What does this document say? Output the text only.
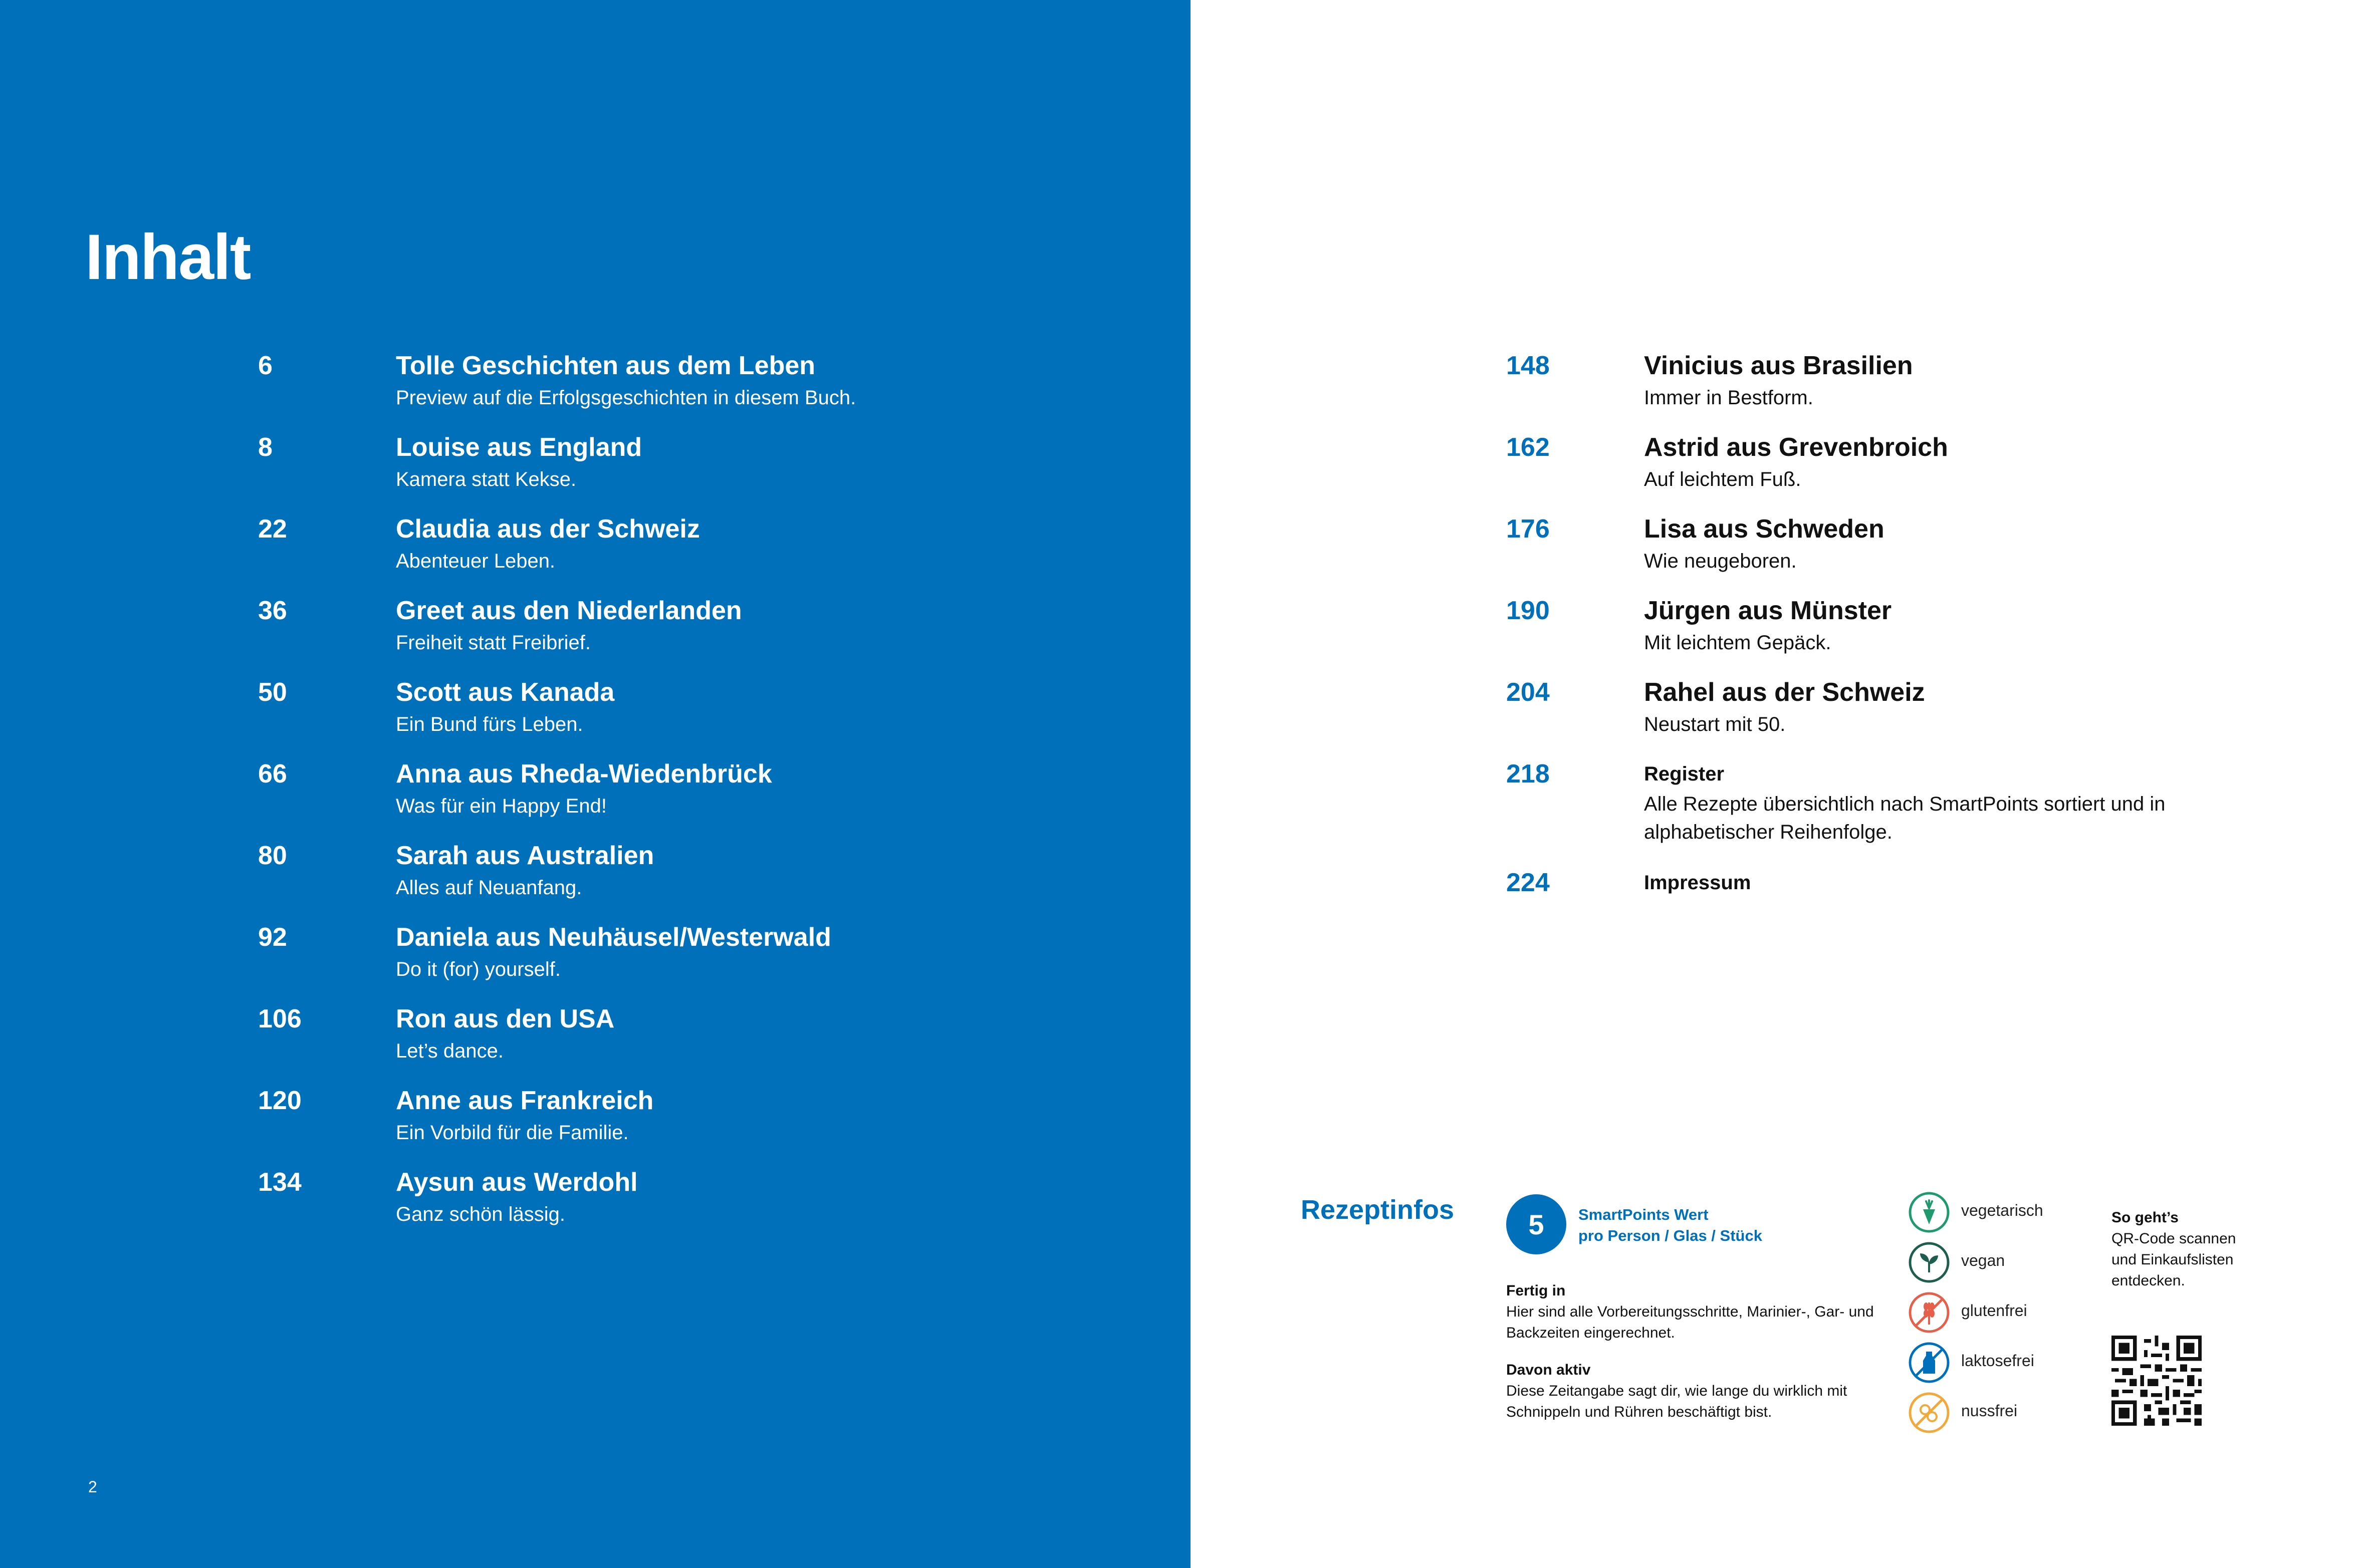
Inhalt
6	Tolle Geschichten aus dem Leben
Preview auf die Erfolgsgeschichten in diesem Buch.
8	Louise aus England
Kamera statt Kekse.
22	Claudia aus der Schweiz
Abenteuer Leben.
36	Greet aus den Niederlanden
Freiheit statt Freibrief.
50	Scott aus Kanada
Ein Bund fürs Leben.
66	Anna aus Rheda-Wiedenbrück
Was für ein Happy End!
80	Sarah aus Australien
Alles auf Neuanfang.
92	Daniela aus Neuhäusel/Westerwald
Do it (for) yourself.
106	Ron aus den USA
Let’s dance.
120	Anne aus Frankreich
Ein Vorbild für die Familie.
134	Aysun aus Werdohl
Ganz schön lässig.
2
148	Vinicius aus Brasilien
Immer in Bestform.
162	Astrid aus Grevenbroich
Auf leichtem Fuß.
176	Lisa aus Schweden
Wie neugeboren.
190	Jürgen aus Münster
Mit leichtem Gepäck.
204	Rahel aus der Schweiz
Neustart mit 50.
218	Register
Alle Rezepte übersichtlich nach SmartPoints sortiert und in alphabetischer Reihenfolge.
224	Impressum
Rezeptinfos	5	SmartPoints Wert
pro Person / Glas / Stück
Fertig in
Hier sind alle Vorbereitungsschritte, Marinier-, Gar- und Backzeiten eingerechnet.
Davon aktiv
Diese Zeitangabe sagt dir, wie lange du wirklich mit Schnippeln und Rühren beschäftigt bist.
vegetarisch
vegan
glutenfrei
laktosefrei
nussfrei
So geht’s
QR-Code scannen
und Einkaufslisten
entdecken.
